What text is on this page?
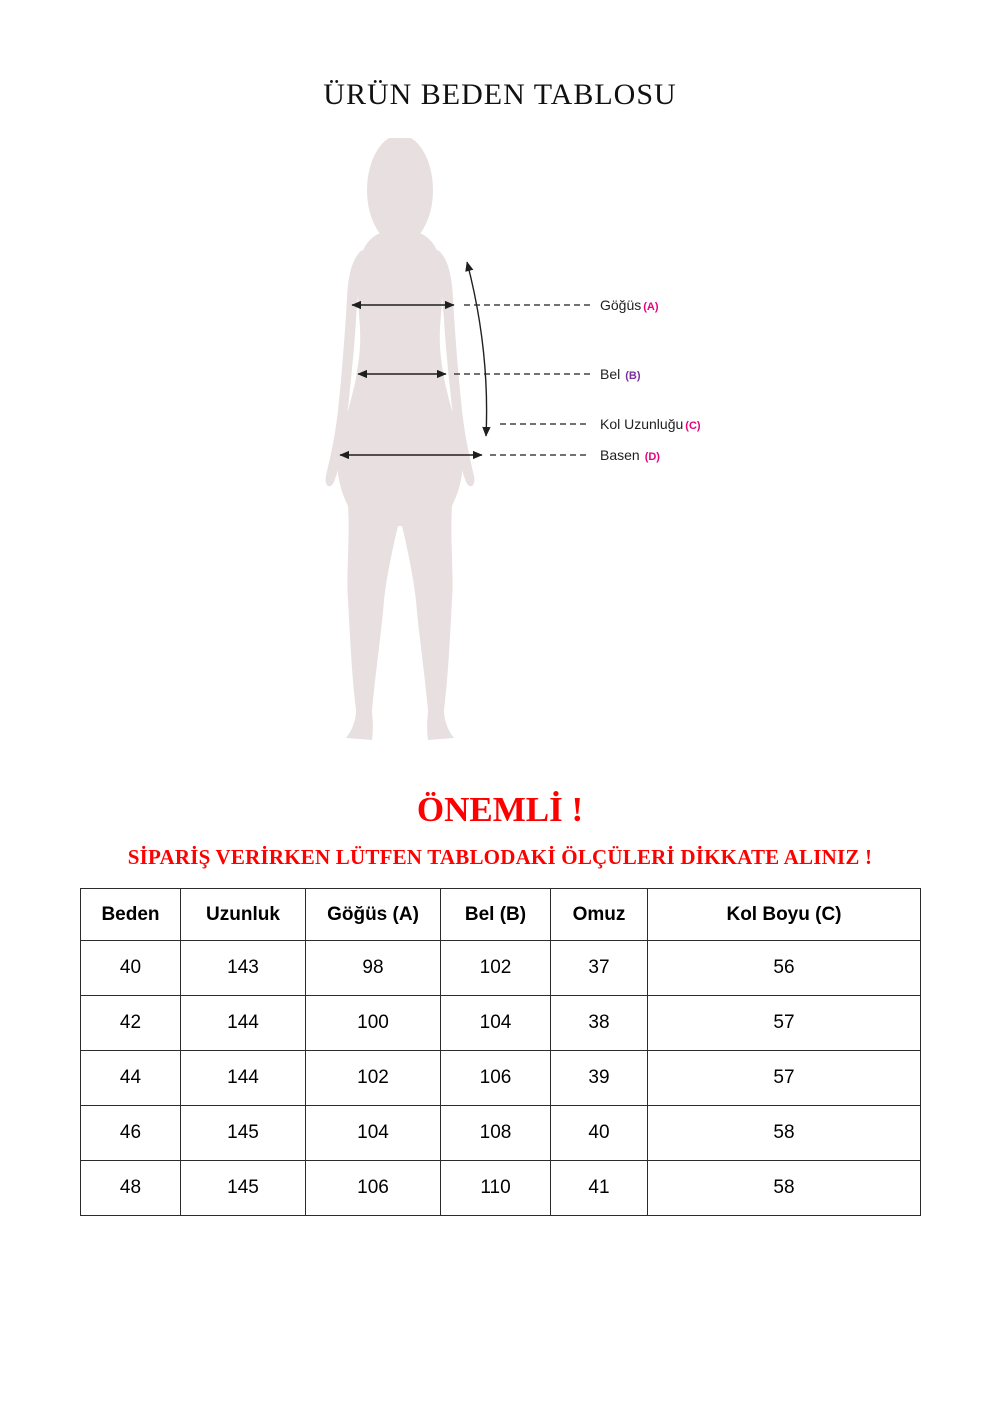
ÜRÜN BEDEN TABLOSU
Göğüs (A)
Bel (B)
Kol Uzunluğu (C)
Basen (D)
ÖNEMLİ !
SİPARİŞ VERİRKEN LÜTFEN TABLODAKİ ÖLÇÜLERİ DİKKATE ALINIZ !
Beden	Uzunluk	Göğüs (A)	Bel (B)	Omuz	Kol Boyu (C)
40	143	98	102	37	56
42	144	100	104	38	57
44	144	102	106	39	57
46	145	104	108	40	58
48	145	106	110	41	58
